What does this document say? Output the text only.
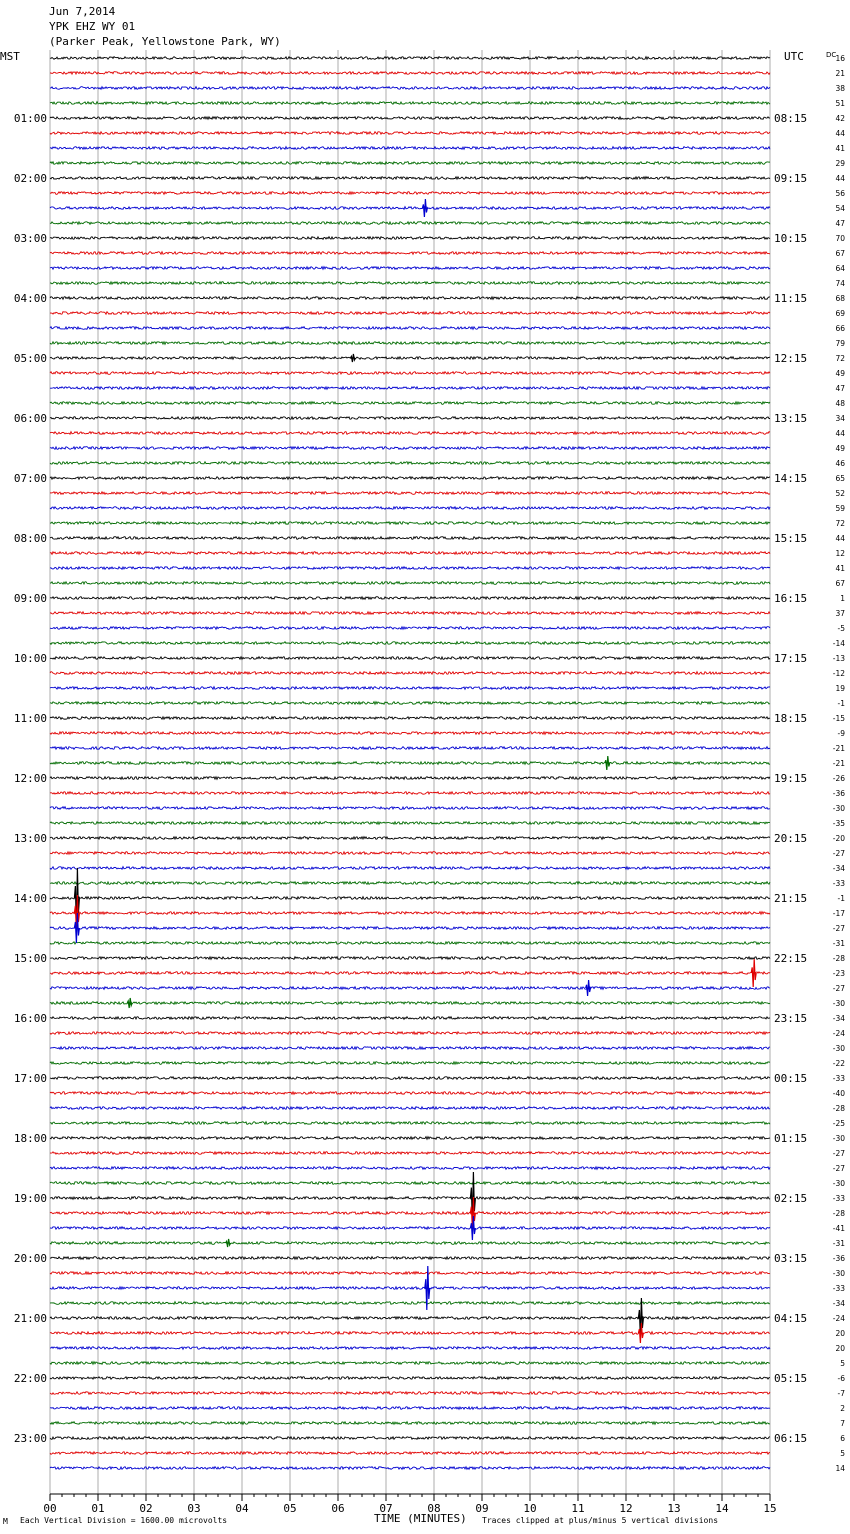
Jun 7,2014
YPK EHZ WY 01
(Parker Peak, Yellowstone Park, WY)
MST	UTC
01:00
02:00
03:00
04:00
05:00
06:00
07:00
08:00
09:00
10:00
11:00
12:00
13:00
14:00
15:00
16:00
17:00
18:00
19:00
20:00
21:00
22:00
23:00
08:15
09:15
10:15
11:15
12:15
13:15
14:15
15:15
16:15
17:15
18:15
19:15
20:15
21:15
22:15
23:15
00:15
01:15
02:15
03:15
04:15
05:15
06:15
16
21
38
51
42
44
41
29
44
56
54
47
70
67
64
74
68
69
66
79
72
49
47
48
34
44
49
46
65
52
59
72
44
12
41
67
1
37
-5
-14
-13
-12
19
-1
-15
-9
-21
-21
-26
-36
-30
-35
-20
-27
-34
-33
-1
-17
-27
-31
-28
-23
-27
-30
-34
-24
-30
-22
-33
-40
-28
-25
-30
-27
-27
-30
-33
-28
-41
-31
-36
-30
-33
-34
-24
20
20
5
-6
-7
2
7
6
5
14
00	01	02	03	04	05	06	07	08	09	10	11	12	13	14	15
DC
M Each Vertical Division = 1600.00 microvolts	TIME (MINUTES) Traces clipped at plus/minus 5 vertical divisions
